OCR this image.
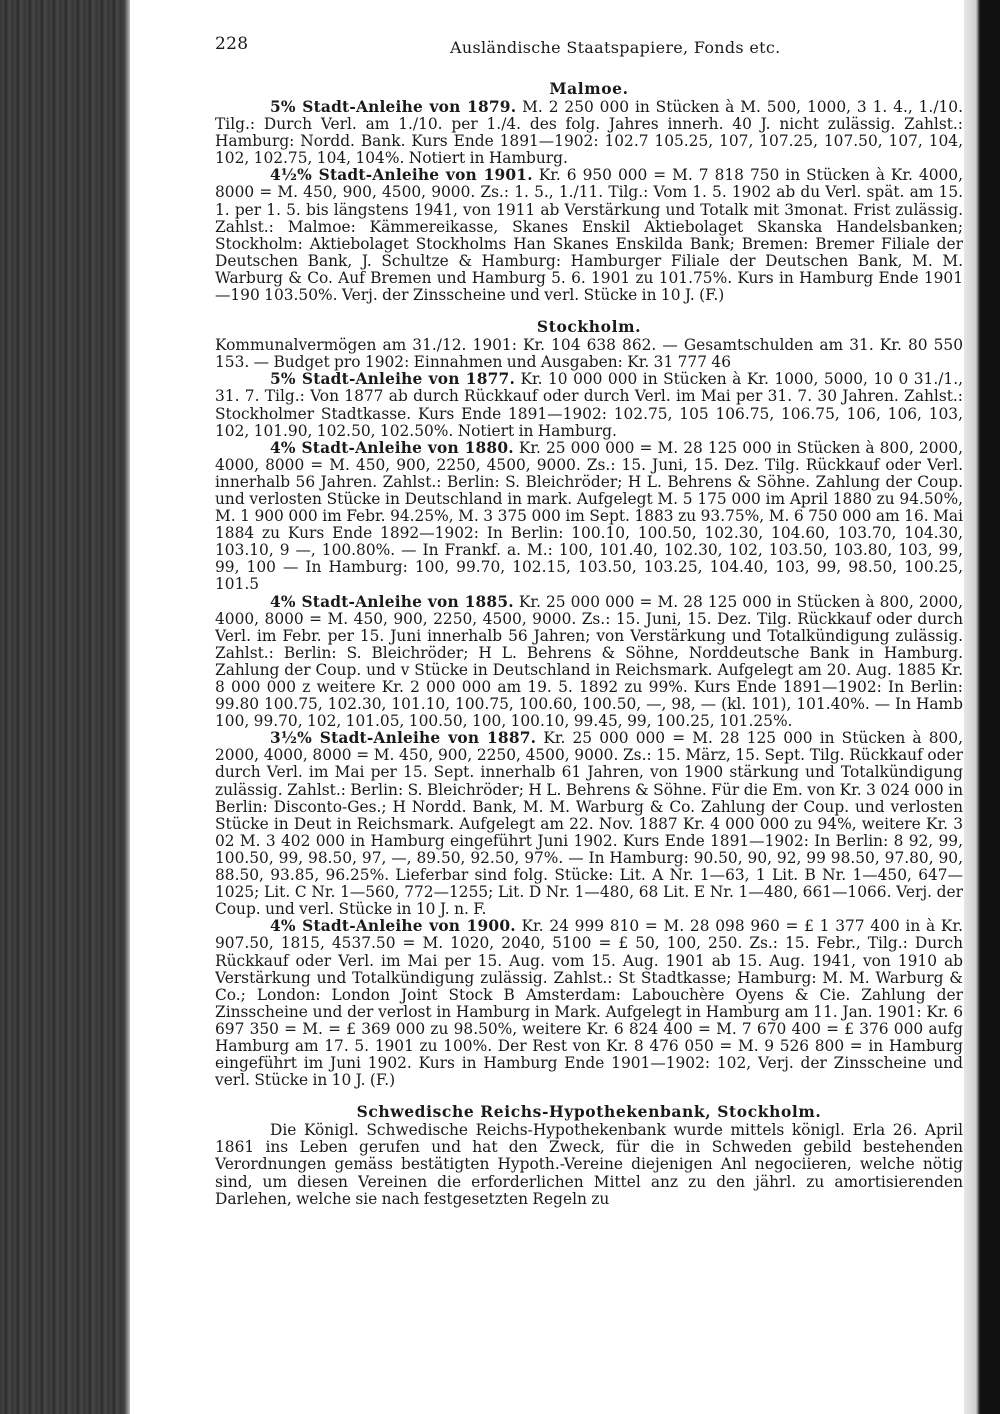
228	Ausländische Staatspapiere, Fonds etc.
Malmoe.

5% Stadt-Anleihe von 1879. M. 2 250 000 in Stücken à M. 500, 1000, 3 1. 4., 1./10. Tilg.: Durch Verl. am 1./10. per 1./4. des folg. Jahres innerh. 40 J. nicht zulässig. Zahlst.: Hamburg: Nordd. Bank. Kurs Ende 1891—1902: 102.7 105.25, 107, 107.25, 107.50, 107, 104, 102, 102.75, 104, 104%. Notiert in Hamburg.

4½% Stadt-Anleihe von 1901. Kr. 6 950 000 = M. 7 818 750 in Stücken à Kr. 4000, 8000 = M. 450, 900, 4500, 9000. Zs.: 1. 5., 1./11. Tilg.: Vom 1. 5. 1902 ab du Verl. spät. am 15. 1. per 1. 5. bis längstens 1941, von 1911 ab Verstärkung und Totalk mit 3monat. Frist zulässig. Zahlst.: Malmoe: Kämmereikasse, Skanes Enskil Aktiebolaget Skanska Handelsbanken; Stockholm: Aktiebolaget Stockholms Han Skanes Enskilda Bank; Bremen: Bremer Filiale der Deutschen Bank, J. Schultze & Hamburg: Hamburger Filiale der Deutschen Bank, M. M. Warburg & Co. Auf Bremen und Hamburg 5. 6. 1901 zu 101.75%. Kurs in Hamburg Ende 1901—190 103.50%. Verj. der Zinsscheine und verl. Stücke in 10 J. (F.)

Stockholm.

Kommunalvermögen am 31./12. 1901: Kr. 104 638 862. — Gesamtschulden am 31. Kr. 80 550 153. — Budget pro 1902: Einnahmen und Ausgaben: Kr. 31 777 46

5% Stadt-Anleihe von 1877. Kr. 10 000 000 in Stücken à Kr. 1000, 5000, 10 0 31./1., 31. 7. Tilg.: Von 1877 ab durch Rückkauf oder durch Verl. im Mai per 31. 7. 30 Jahren. Zahlst.: Stockholmer Stadtkasse. Kurs Ende 1891—1902: 102.75, 105 106.75, 106.75, 106, 106, 103, 102, 101.90, 102.50, 102.50%. Notiert in Hamburg.

4% Stadt-Anleihe von 1880. Kr. 25 000 000 = M. 28 125 000 in Stücken à 800, 2000, 4000, 8000 = M. 450, 900, 2250, 4500, 9000. Zs.: 15. Juni, 15. Dez. Tilg. Rückkauf oder Verl. innerhalb 56 Jahren. Zahlst.: Berlin: S. Bleichröder; H L. Behrens & Söhne. Zahlung der Coup. und verlosten Stücke in Deutschland in mark. Aufgelegt M. 5 175 000 im April 1880 zu 94.50%, M. 1 900 000 im Febr. 94.25%, M. 3 375 000 im Sept. 1883 zu 93.75%, M. 6 750 000 am 16. Mai 1884 zu Kurs Ende 1892—1902: In Berlin: 100.10, 100.50, 102.30, 104.60, 103.70, 104.30, 103.10, 9 —, 100.80%. — In Frankf. a. M.: 100, 101.40, 102.30, 102, 103.50, 103.80, 103, 99, 99, 100 — In Hamburg: 100, 99.70, 102.15, 103.50, 103.25, 104.40, 103, 99, 98.50, 100.25, 101.5

4% Stadt-Anleihe von 1885. Kr. 25 000 000 = M. 28 125 000 in Stücken à 800, 2000, 4000, 8000 = M. 450, 900, 2250, 4500, 9000. Zs.: 15. Juni, 15. Dez. Tilg. Rückkauf oder durch Verl. im Febr. per 15. Juni innerhalb 56 Jahren; von Verstärkung und Totalkündigung zulässig. Zahlst.: Berlin: S. Bleichröder; H L. Behrens & Söhne, Norddeutsche Bank in Hamburg. Zahlung der Coup. und v Stücke in Deutschland in Reichsmark. Aufgelegt am 20. Aug. 1885 Kr. 8 000 000 z weitere Kr. 2 000 000 am 19. 5. 1892 zu 99%. Kurs Ende 1891—1902: In Berlin: 99.80 100.75, 102.30, 101.10, 100.75, 100.60, 100.50, —, 98, — (kl. 101), 101.40%. — In Hamb 100, 99.70, 102, 101.05, 100.50, 100, 100.10, 99.45, 99, 100.25, 101.25%.

3½% Stadt-Anleihe von 1887. Kr. 25 000 000 = M. 28 125 000 in Stücken à 800, 2000, 4000, 8000 = M. 450, 900, 2250, 4500, 9000. Zs.: 15. März, 15. Sept. Tilg. Rückkauf oder durch Verl. im Mai per 15. Sept. innerhalb 61 Jahren, von 1900 stärkung und Totalkündigung zulässig. Zahlst.: Berlin: S. Bleichröder; H L. Behrens & Söhne. Für die Em. von Kr. 3 024 000 in Berlin: Disconto-Ges.; H Nordd. Bank, M. M. Warburg & Co. Zahlung der Coup. und verlosten Stücke in Deut in Reichsmark. Aufgelegt am 22. Nov. 1887 Kr. 4 000 000 zu 94%, weitere Kr. 3 02 M. 3 402 000 in Hamburg eingeführt Juni 1902. Kurs Ende 1891—1902: In Berlin: 8 92, 99, 100.50, 99, 98.50, 97, —, 89.50, 92.50, 97%. — In Hamburg: 90.50, 90, 92, 99 98.50, 97.80, 90, 88.50, 93.85, 96.25%. Lieferbar sind folg. Stücke: Lit. A Nr. 1—63, 1 Lit. B Nr. 1—450, 647—1025; Lit. C Nr. 1—560, 772—1255; Lit. D Nr. 1—480, 68 Lit. E Nr. 1—480, 661—1066. Verj. der Coup. und verl. Stücke in 10 J. n. F.

4% Stadt-Anleihe von 1900. Kr. 24 999 810 = M. 28 098 960 = £ 1 377 400 in à Kr. 907.50, 1815, 4537.50 = M. 1020, 2040, 5100 = £ 50, 100, 250. Zs.: 15. Febr., Tilg.: Durch Rückkauf oder Verl. im Mai per 15. Aug. vom 15. Aug. 1901 ab 15. Aug. 1941, von 1910 ab Verstärkung und Totalkündigung zulässig. Zahlst.: St Stadtkasse; Hamburg: M. M. Warburg & Co.; London: London Joint Stock B Amsterdam: Labouchère Oyens & Cie. Zahlung der Zinsscheine und der verlost in Hamburg in Mark. Aufgelegt in Hamburg am 11. Jan. 1901: Kr. 6 697 350 = M. = £ 369 000 zu 98.50%, weitere Kr. 6 824 400 = M. 7 670 400 = £ 376 000 aufg Hamburg am 17. 5. 1901 zu 100%. Der Rest von Kr. 8 476 050 = M. 9 526 800 = in Hamburg eingeführt im Juni 1902. Kurs in Hamburg Ende 1901—1902: 102, Verj. der Zinsscheine und verl. Stücke in 10 J. (F.)

Schwedische Reichs-Hypothekenbank, Stockholm.

Die Königl. Schwedische Reichs-Hypothekenbank wurde mittels königl. Erla 26. April 1861 ins Leben gerufen und hat den Zweck, für die in Schweden gebild bestehenden Verordnungen gemäss bestätigten Hypoth.-Vereine diejenigen Anl negociieren, welche nötig sind, um diesen Vereinen die erforderlichen Mittel anz zu den jährl. zu amortisierenden Darlehen, welche sie nach festgesetzten Regeln zu
